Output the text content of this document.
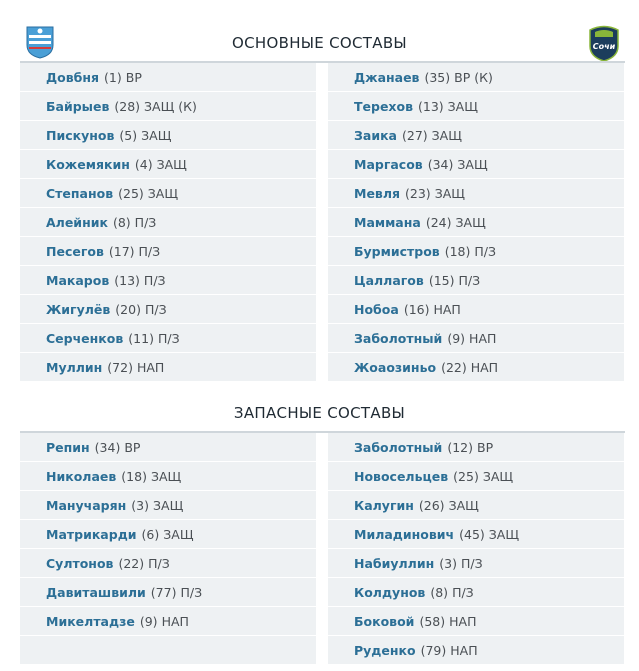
Сочи
ОСНОВНЫЕ СОСТАВЫ
Довбня (1) ВР
Байрыев (28) ЗАЩ (К)
Пискунов (5) ЗАЩ
Кожемякин (4) ЗАЩ
Степанов (25) ЗАЩ
Алейник (8) П/З
Песегов (17) П/З
Макаров (13) П/З
Жигулёв (20) П/З
Серченков (11) П/З
Муллин (72) НАП
Джанаев (35) ВР (К)
Терехов (13) ЗАЩ
Заика (27) ЗАЩ
Маргасов (34) ЗАЩ
Мевля (23) ЗАЩ
Маммана (24) ЗАЩ
Бурмистров (18) П/З
Цаллагов (15) П/З
Нобоа (16) НАП
Заболотный (9) НАП
Жоаозиньо (22) НАП
ЗАПАСНЫЕ СОСТАВЫ
Репин (34) ВР
Николаев (18) ЗАЩ
Манучарян (3) ЗАЩ
Матрикарди (6) ЗАЩ
Султонов (22) П/З
Давиташвили (77) П/З
Микелтадзе (9) НАП
Заболотный (12) ВР
Новосельцев (25) ЗАЩ
Калугин (26) ЗАЩ
Миладинович (45) ЗАЩ
Набиуллин (3) П/З
Колдунов (8) П/З
Боковой (58) НАП
Руденко (79) НАП
